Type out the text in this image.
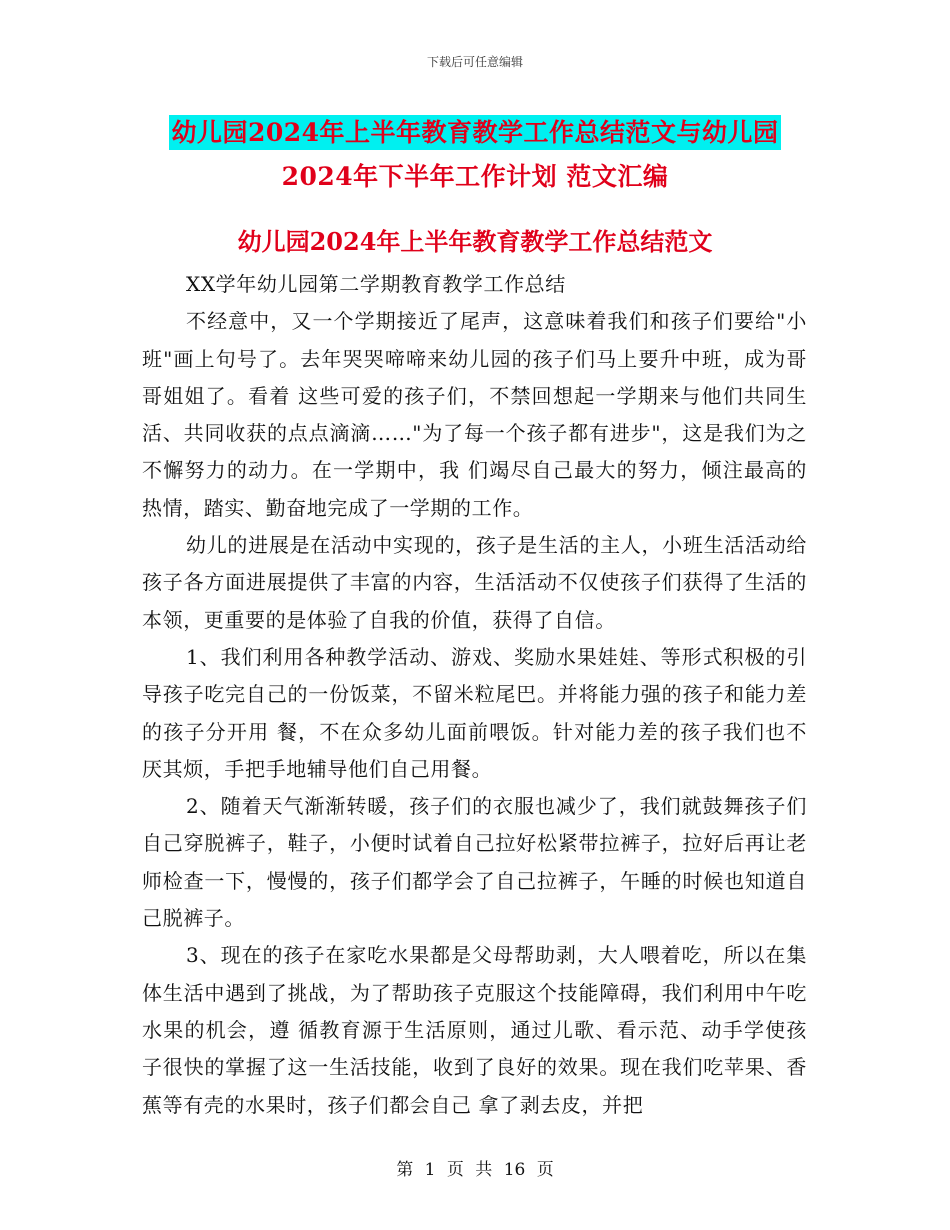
下载后可任意编辑
幼儿园2024年上半年教育教学工作总结范文与幼儿园
2024年下半年工作计划 范文汇编
幼儿园2024年上半年教育教学工作总结范文

XX学年幼儿园第二学期教育教学工作总结

不经意中，又一个学期接近了尾声，这意味着我们和孩子们要给"小班"画上句号了。去年哭哭啼啼来幼儿园的孩子们马上要升中班，成为哥哥姐姐了。看着 这些可爱的孩子们，不禁回想起一学期来与他们共同生活、共同收获的点点滴滴……"为了每一个孩子都有进步"，这是我们为之不懈努力的动力。在一学期中，我 们竭尽自己最大的努力，倾注最高的热情，踏实、勤奋地完成了一学期的工作。

幼儿的进展是在活动中实现的，孩子是生活的主人，小班生活活动给孩子各方面进展提供了丰富的内容，生活活动不仅使孩子们获得了生活的本领，更重要的是体验了自我的价值，获得了自信。

1、我们利用各种教学活动、游戏、奖励水果娃娃、等形式积极的引导孩子吃完自己的一份饭菜，不留米粒尾巴。并将能力强的孩子和能力差的孩子分开用 餐，不在众多幼儿面前喂饭。针对能力差的孩子我们也不厌其烦，手把手地辅导他们自己用餐。

2、随着天气渐渐转暖，孩子们的衣服也减少了，我们就鼓舞孩子们自己穿脱裤子，鞋子，小便时试着自己拉好松紧带拉裤子，拉好后再让老师检查一下，慢慢的，孩子们都学会了自己拉裤子，午睡的时候也知道自己脱裤子。

3、现在的孩子在家吃水果都是父母帮助剥，大人喂着吃，所以在集体生活中遇到了挑战，为了帮助孩子克服这个技能障碍，我们利用中午吃水果的机会，遵 循教育源于生活原则，通过儿歌、看示范、动手学使孩子很快的掌握了这一生活技能，收到了良好的效果。现在我们吃苹果、香蕉等有壳的水果时，孩子们都会自己 拿了剥去皮，并把

第 1 页 共 16 页
